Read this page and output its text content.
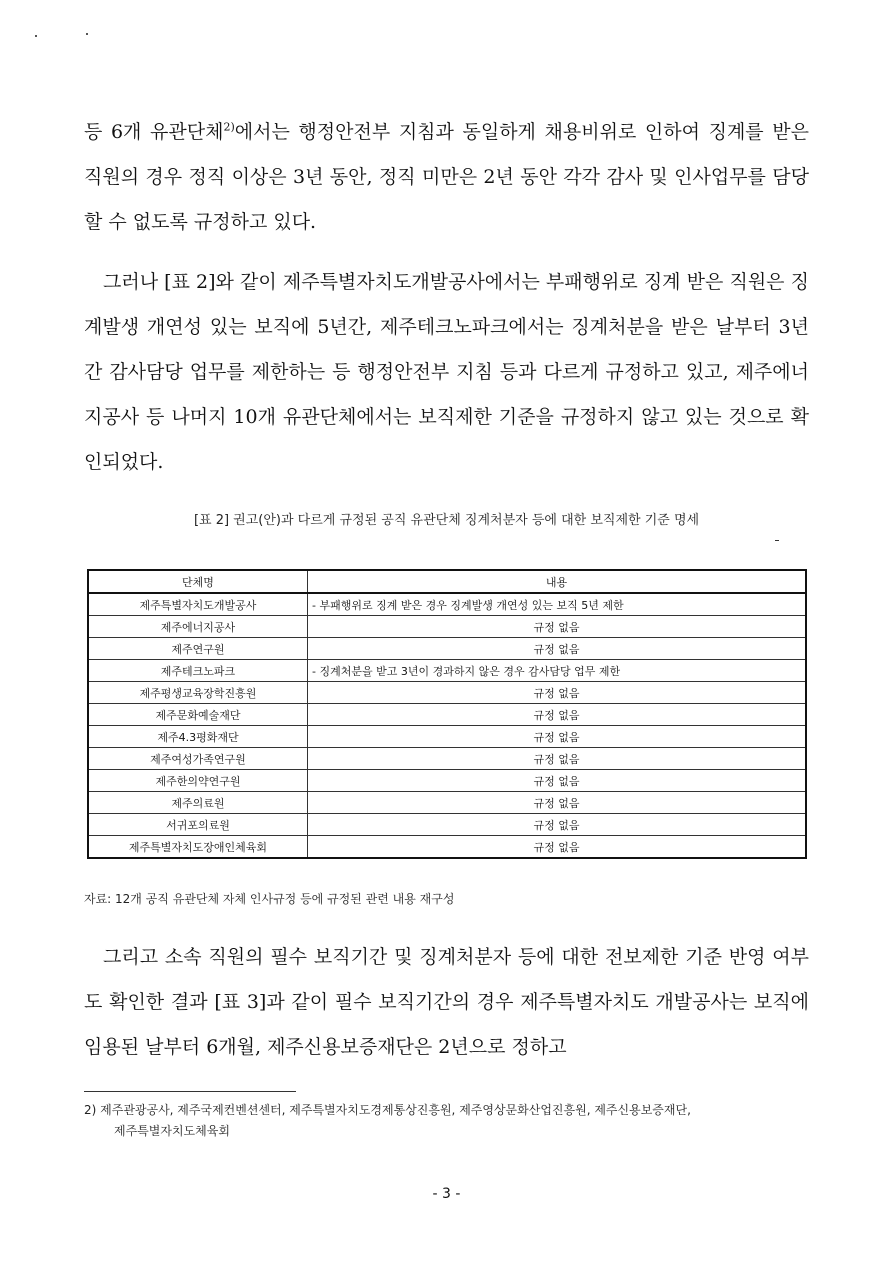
등 6개 유관단체$^{2)}$에서는 행정안전부 지침과 동일하게 채용비위로 인하여 징계를 받은 직원의 경우 정직 이상은 3년 동안, 정직 미만은 2년 동안 각각 감사 및 인사업무를 담당할 수 없도록 규정하고 있다.

그러나 [표 2]와 같이 제주특별자치도개발공사에서는 부패행위로 징계 받은 직원은 징계발생 개연성 있는 보직에 5년간, 제주테크노파크에서는 징계처분을 받은 날부터 3년간 감사담당 업무를 제한하는 등 행정안전부 지침 등과 다르게 규정하고 있고, 제주에너지공사 등 나머지 10개 유관단체에서는 보직제한 기준을 규정하지 않고 있는 것으로 확인되었다.

[표 2] 권고(안)과 다르게 규정된 공직 유관단체 징계처분자 등에 대한 보직제한 기준 명세
단체명	내용
제주특별자치도개발공사	- 부패행위로 징계 받은 경우 징계발생 개연성 있는 보직 5년 제한
제주에너지공사	규정 없음
제주연구원	규정 없음
제주테크노파크	- 징계처분을 받고 3년이 경과하지 않은 경우 감사담당 업무 제한
제주평생교육장학진흥원	규정 없음
제주문화예술재단	규정 없음
제주4.3평화재단	규정 없음
제주여성가족연구원	규정 없음
제주한의약연구원	규정 없음
제주의료원	규정 없음
서귀포의료원	규정 없음
제주특별자치도장애인체육회	규정 없음
자료: 12개 공직 유관단체 자체 인사규정 등에 규정된 관련 내용 재구성

그리고 소속 직원의 필수 보직기간 및 징계처분자 등에 대한 전보제한 기준 반영 여부도 확인한 결과 [표 3]과 같이 필수 보직기간의 경우 제주특별자치도 개발공사는 보직에 임용된 날부터 6개월, 제주신용보증재단은 2년으로 정하고

2) 제주관광공사, 제주국제컨벤션센터, 제주특별자치도경제통상진흥원, 제주영상문화산업진흥원, 제주신용보증재단,
제주특별자치도체육회
- 3 -
